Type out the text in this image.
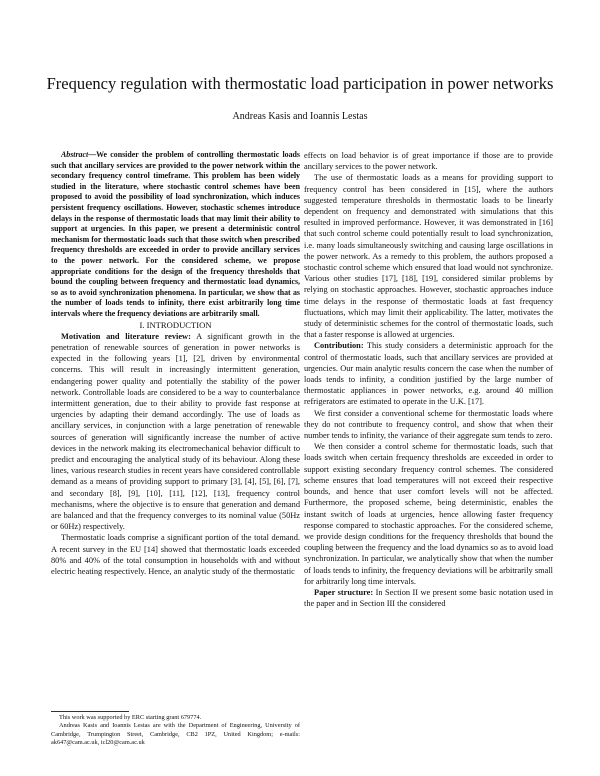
Frequency regulation with thermostatic load participation in power networks
Andreas Kasis and Ioannis Lestas

Abstract—We consider the problem of controlling thermostatic loads such that ancillary services are provided to the power network within the secondary frequency control timeframe. This problem has been widely studied in the literature, where stochastic control schemes have been proposed to avoid the possibility of load synchronization, which induces persistent frequency oscillations. However, stochastic schemes introduce delays in the response of thermostatic loads that may limit their ability to support at urgencies. In this paper, we present a deterministic control mechanism for thermostatic loads such that those switch when prescribed frequency thresholds are exceeded in order to provide ancillary services to the power network. For the considered scheme, we propose appropriate conditions for the design of the frequency thresholds that bound the coupling between frequency and thermostatic load dynamics, so as to avoid synchronization phenomena. In particular, we show that as the number of loads tends to infinity, there exist arbitrarily long time intervals where the frequency deviations are arbitrarily small.

I. INTRODUCTION

Motivation and literature review: A significant growth in the penetration of renewable sources of generation in power networks is expected in the following years [1], [2], driven by environmental concerns. This will result in increasingly intermittent generation, endangering power quality and potentially the stability of the power network. Controllable loads are considered to be a way to counterbalance intermittent generation, due to their ability to provide fast response at urgencies by adapting their demand accordingly. The use of loads as ancillary services, in conjunction with a large penetration of renewable sources of generation will significantly increase the number of active devices in the network making its electromechanical behavior difficult to predict and encouraging the analytical study of its behaviour. Along these lines, various research studies in recent years have considered controllable demand as a means of providing support to primary [3], [4], [5], [6], [7], and secondary [8], [9], [10], [11], [12], [13], frequency control mechanisms, where the objective is to ensure that generation and demand are balanced and that the frequency converges to its nominal value (50Hz or 60Hz) respectively.

Thermostatic loads comprise a significant portion of the total demand. A recent survey in the EU [14] showed that thermostatic loads exceeded 80% and 40% of the total consumption in households with and without electric heating respectively. Hence, an analytic study of the thermostatic

effects on load behavior is of great importance if those are to provide ancillary services to the power network.

The use of thermostatic loads as a means for providing support to frequency control has been considered in [15], where the authors suggested temperature thresholds in thermostatic loads to be linearly dependent on frequency and demonstrated with simulations that this resulted in improved performance. However, it was demonstrated in [16] that such control scheme could potentially result to load synchronization, i.e. many loads simultaneously switching and causing large oscillations in the power network. As a remedy to this problem, the authors proposed a stochastic control scheme which ensured that load would not synchronize. Various other studies [17], [18], [19], considered similar problems by relying on stochastic approaches. However, stochastic approaches induce time delays in the response of thermostatic loads at fast frequency fluctuations, which may limit their applicability. The latter, motivates the study of deterministic schemes for the control of thermostatic loads, such that a faster response is allowed at urgencies.

Contribution: This study considers a deterministic approach for the control of thermostatic loads, such that ancillary services are provided at urgencies. Our main analytic results concern the case when the number of loads tends to infinity, a condition justified by the large number of thermostatic appliances in power networks, e.g. around 40 million refrigerators are estimated to operate in the U.K. [17].

We first consider a conventional scheme for thermostatic loads where they do not contribute to frequency control, and show that when their number tends to infinity, the variance of their aggregate sum tends to zero.

We then consider a control scheme for thermostatic loads, such that loads switch when certain frequency thresholds are exceeded in order to support existing secondary frequency control schemes. The considered scheme ensures that load temperatures will not exceed their respective bounds, and hence that user comfort levels will not be affected. Furthermore, the proposed scheme, being deterministic, enables the instant switch of loads at urgencies, hence allowing faster frequency response compared to stochastic approaches. For the considered scheme, we provide design conditions for the frequency thresholds that bound the coupling between the frequency and the load dynamics so as to avoid load synchronization. In particular, we analytically show that when the number of loads tends to infinity, the frequency deviations will be arbitrarily small for arbitrarily long time intervals.

Paper structure: In Section II we present some basic notation used in the paper and in Section III the considered

This work was supported by ERC starting grant 679774.

Andreas Kasis and Ioannis Lestas are with the Department of Engineering, University of Cambridge, Trumpington Street, Cambridge, CB2 1PZ, United Kingdom; e-mails: ak647@cam.ac.uk, icl20@cam.ac.uk
